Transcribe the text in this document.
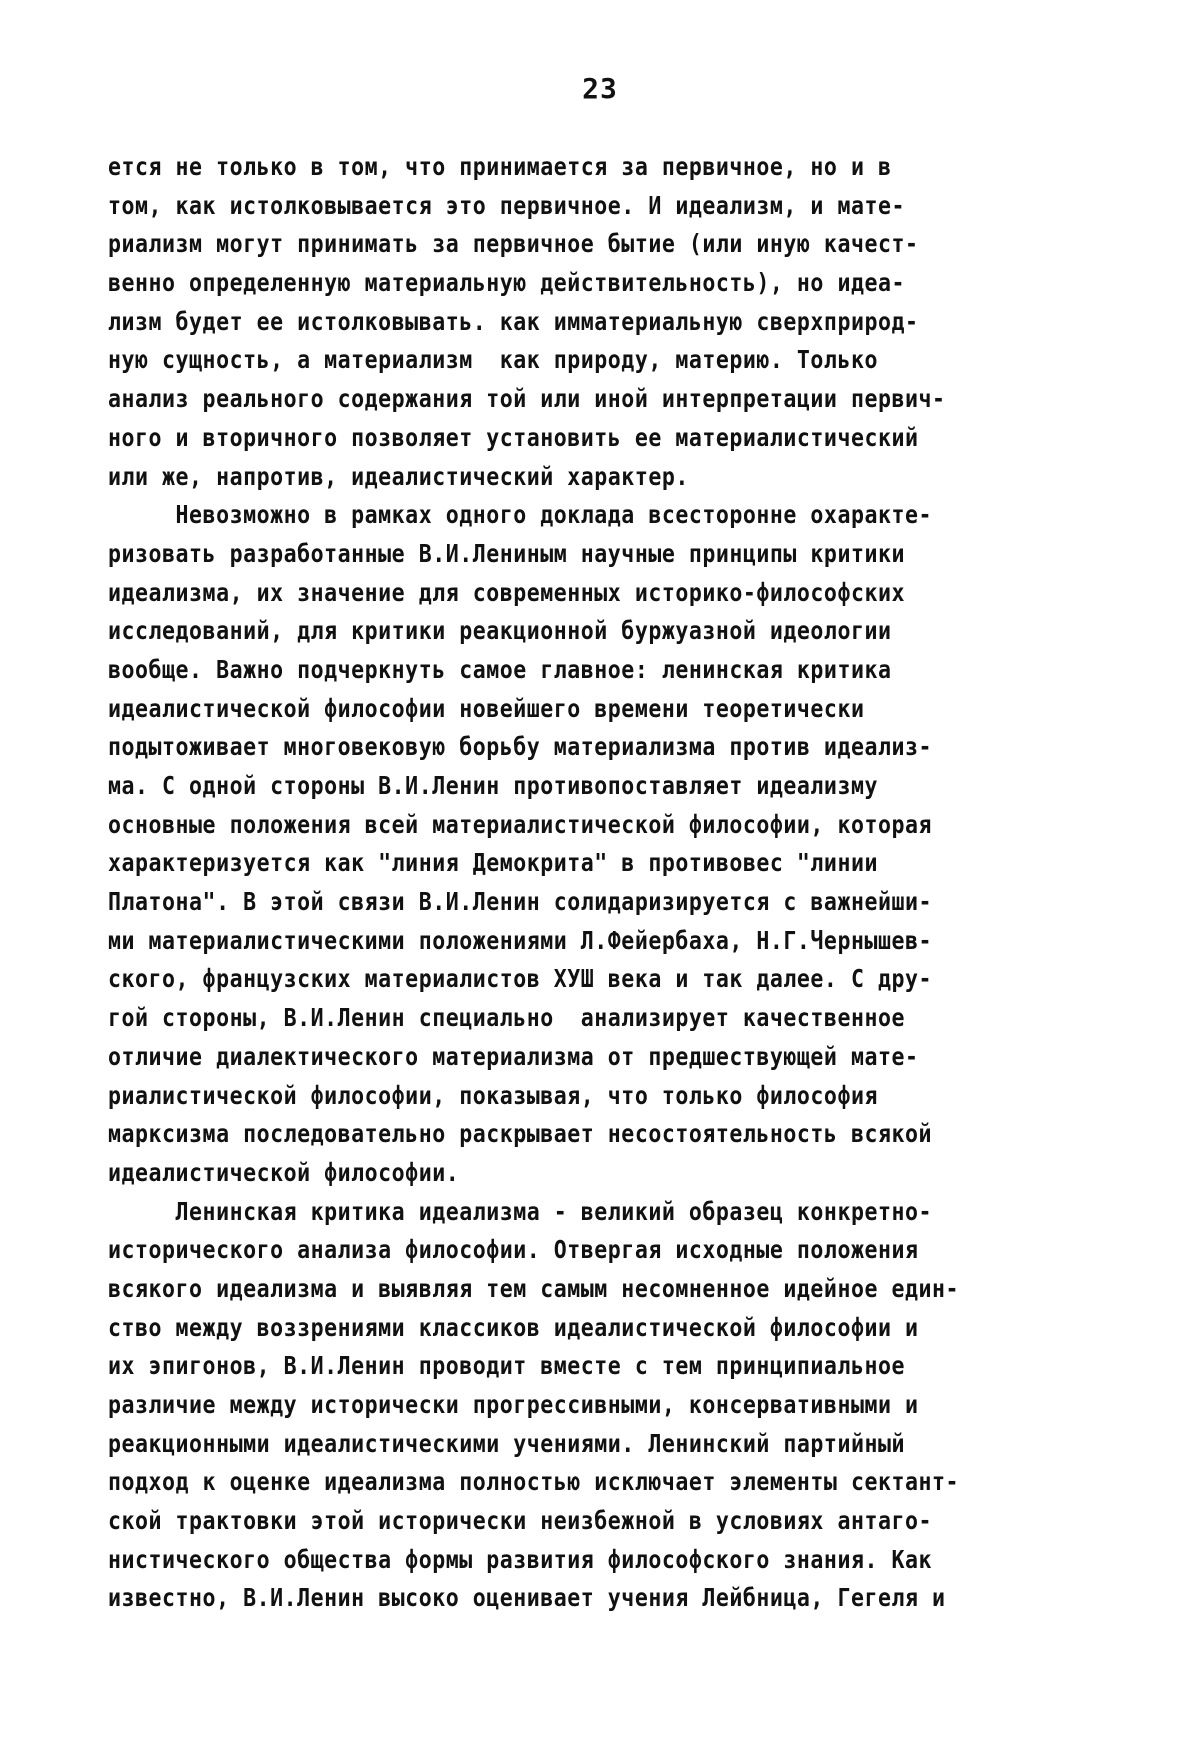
23
ется не только в том, что принимается за первичное, но и в
том, как истолковывается это первичное. И идеализм, и мате-
риализм могут принимать за первичное бытие (или иную качест-
венно определенную материальную действительность), но идеа-
лизм будет ее истолковывать. как имматериальную сверхприрод-
ную сущность, а материализм  как природу, материю. Только
анализ реального содержания той или иной интерпретации первич-
ного и вторичного позволяет установить ее материалистический
или же, напротив, идеалистический характер.
Невозможно в рамках одного доклада всесторонне охаракте-
ризовать разработанные В.И.Лениным научные принципы критики
идеализма, их значение для современных историко-философских
исследований, для критики реакционной буржуазной идеологии
вообще. Важно подчеркнуть самое главное: ленинская критика
идеалистической философии новейшего времени теоретически
подытоживает многовековую борьбу материализма против идеализ-
ма. С одной стороны В.И.Ленин противопоставляет идеализму
основные положения всей материалистической философии, которая
характеризуется как "линия Демокрита" в противовес "линии
Платона". В этой связи В.И.Ленин солидаризируется с важнейши-
ми материалистическими положениями Л.Фейербаха, Н.Г.Чернышев-
ского, французских материалистов ХУШ века и так далее. С дру-
гой стороны, В.И.Ленин специально  анализирует качественное
отличие диалектического материализма от предшествующей мате-
риалистической философии, показывая, что только философия
марксизма последовательно раскрывает несостоятельность всякой
идеалистической философии.
Ленинская критика идеализма - великий образец конкретно-
исторического анализа философии. Отвергая исходные положения
всякого идеализма и выявляя тем самым несомненное идейное един-
ство между воззрениями классиков идеалистической философии и
их эпигонов, В.И.Ленин проводит вместе с тем принципиальное
различие между исторически прогрессивными, консервативными и
реакционными идеалистическими учениями. Ленинский партийный
подход к оценке идеализма полностью исключает элементы сектант-
ской трактовки этой исторически неизбежной в условиях антаго-
нистического общества формы развития философского знания. Как
известно, В.И.Ленин высоко оценивает учения Лейбница, Гегеля и
